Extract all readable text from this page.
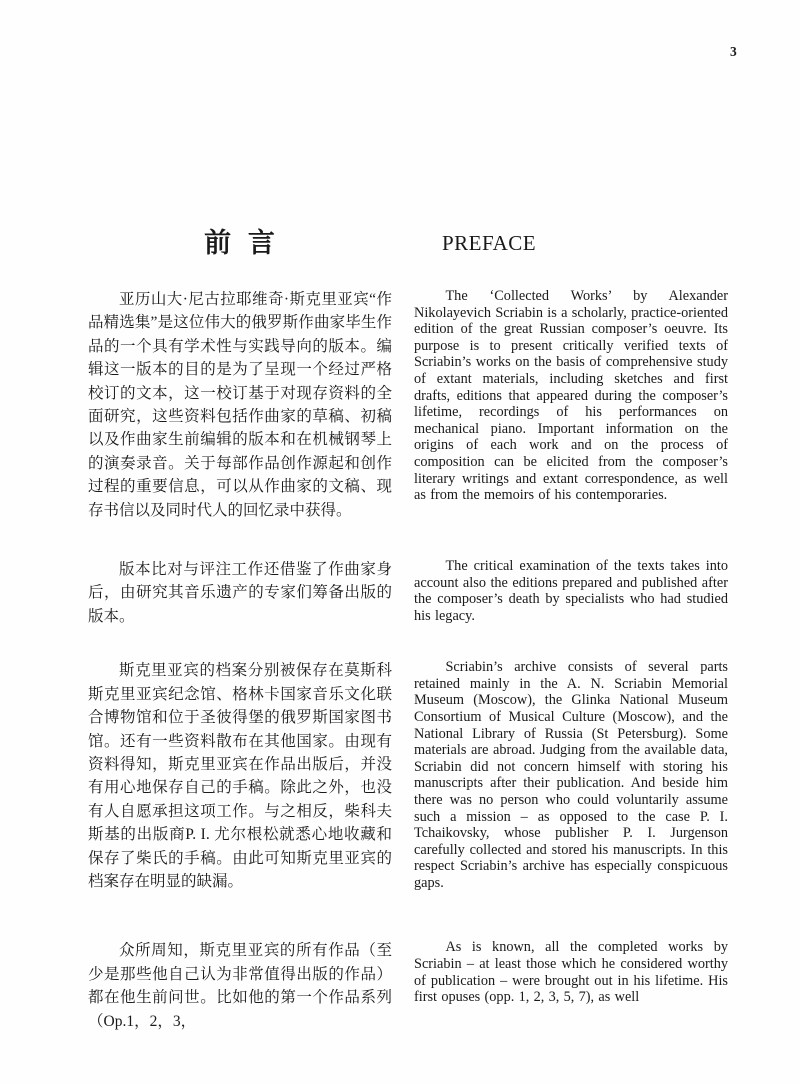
3
前 言	PREFACE

亚历山大·尼古拉耶维奇·斯克里亚宾“作品精选集”是这位伟大的俄罗斯作曲家毕生作品的一个具有学术性与实践导向的版本。编辑这一版本的目的是为了呈现一个经过严格校订的文本，这一校订基于对现存资料的全面研究，这些资料包括作曲家的草稿、初稿以及作曲家生前编辑的版本和在机械钢琴上的演奏录音。关于每部作品创作源起和创作过程的重要信息，可以从作曲家的文稿、现存书信以及同时代人的回忆录中获得。

The ‘Collected Works’ by Alexander Nikolayevich Scriabin is a scholarly, practice-oriented edition of the great Russian composer’s oeuvre. Its purpose is to present critically verified texts of Scriabin’s works on the basis of comprehensive study of extant materials, including sketches and first drafts, editions that appeared during the composer’s lifetime, recordings of his performances on mechanical piano. Important information on the origins of each work and on the process of composition can be elicited from the composer’s literary writings and extant correspondence, as well as from the memoirs of his contemporaries.

版本比对与评注工作还借鉴了作曲家身后，由研究其音乐遗产的专家们筹备出版的版本。

The critical examination of the texts takes into account also the editions prepared and published after the composer’s death by specialists who had studied his legacy.

斯克里亚宾的档案分别被保存在莫斯科斯克里亚宾纪念馆、格林卡国家音乐文化联合博物馆和位于圣彼得堡的俄罗斯国家图书馆。还有一些资料散布在其他国家。由现有资料得知，斯克里亚宾在作品出版后，并没有用心地保存自己的手稿。除此之外，也没有人自愿承担这项工作。与之相反，柴科夫斯基的出版商P. I. 尤尔根松就悉心地收藏和保存了柴氏的手稿。由此可知斯克里亚宾的档案存在明显的缺漏。

Scriabin’s archive consists of several parts retained mainly in the A. N. Scriabin Memorial Museum (Moscow), the Glinka National Museum Consortium of Musical Culture (Moscow), and the National Library of Russia (St Petersburg). Some materials are abroad. Judging from the available data, Scriabin did not concern himself with storing his manuscripts after their publication. And beside him there was no person who could voluntarily assume such a mission – as opposed to the case P. I. Tchaikovsky, whose publisher P. I. Jurgenson carefully collected and stored his manuscripts. In this respect Scriabin’s archive has especially conspicuous gaps.

众所周知，斯克里亚宾的所有作品（至少是那些他自己认为非常值得出版的作品）都在他生前问世。比如他的第一个作品系列（Op.1，2，3，

As is known, all the completed works by Scriabin – at least those which he considered worthy of publication – were brought out in his lifetime. His first opuses (opp. 1, 2, 3, 5, 7), as well
